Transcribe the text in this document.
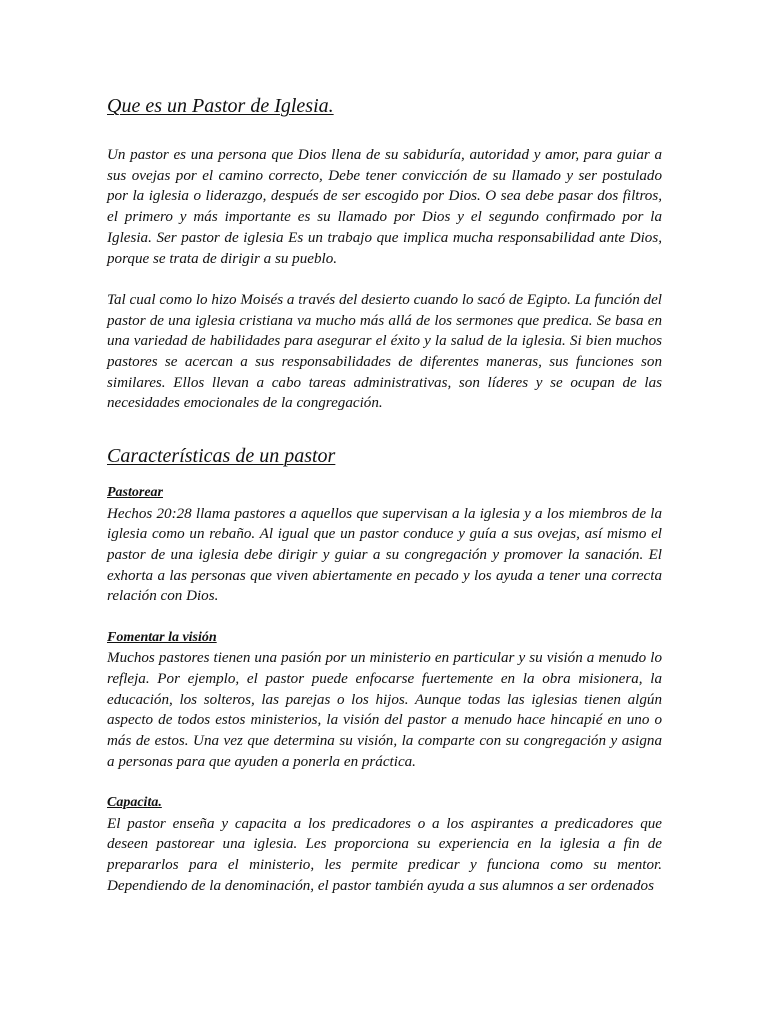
Que es un Pastor de Iglesia.

Un pastor es una persona que Dios llena de su sabiduría, autoridad y amor, para guiar a sus ovejas por el camino correcto, Debe tener convicción de su llamado y ser postulado por la iglesia o liderazgo, después de ser escogido por Dios. O sea debe pasar dos filtros, el primero y más importante es su llamado por Dios y el segundo confirmado por la Iglesia. Ser pastor de iglesia Es un trabajo que implica mucha responsabilidad ante Dios, porque se trata de dirigir a su pueblo.

Tal cual como lo hizo Moisés a través del desierto cuando lo sacó de Egipto. La función del pastor de una iglesia cristiana va mucho más allá de los sermones que predica. Se basa en una variedad de habilidades para asegurar el éxito y la salud de la iglesia. Si bien muchos pastores se acercan a sus responsabilidades de diferentes maneras, sus funciones son similares. Ellos llevan a cabo tareas administrativas, son líderes y se ocupan de las necesidades emocionales de la congregación.

Características de un pastor
Pastorear

Hechos 20:28 llama pastores a aquellos que supervisan a la iglesia y a los miembros de la iglesia como un rebaño. Al igual que un pastor conduce y guía a sus ovejas, así mismo el pastor de una iglesia debe dirigir y guiar a su congregación y promover la sanación. El exhorta a las personas que viven abiertamente en pecado y los ayuda a tener una correcta relación con Dios.

Fomentar la visión

Muchos pastores tienen una pasión por un ministerio en particular y su visión a menudo lo refleja. Por ejemplo, el pastor puede enfocarse fuertemente en la obra misionera, la educación, los solteros, las parejas o los hijos. Aunque todas las iglesias tienen algún aspecto de todos estos ministerios, la visión del pastor a menudo hace hincapié en uno o más de estos. Una vez que determina su visión, la comparte con su congregación y asigna a personas para que ayuden a ponerla en práctica.

Capacita.

El pastor enseña y capacita a los predicadores o a los aspirantes a predicadores que deseen pastorear una iglesia. Les proporciona su experiencia en la iglesia a fin de prepararlos para el ministerio, les permite predicar y funciona como su mentor. Dependiendo de la denominación, el pastor también ayuda a sus alumnos a ser ordenados
